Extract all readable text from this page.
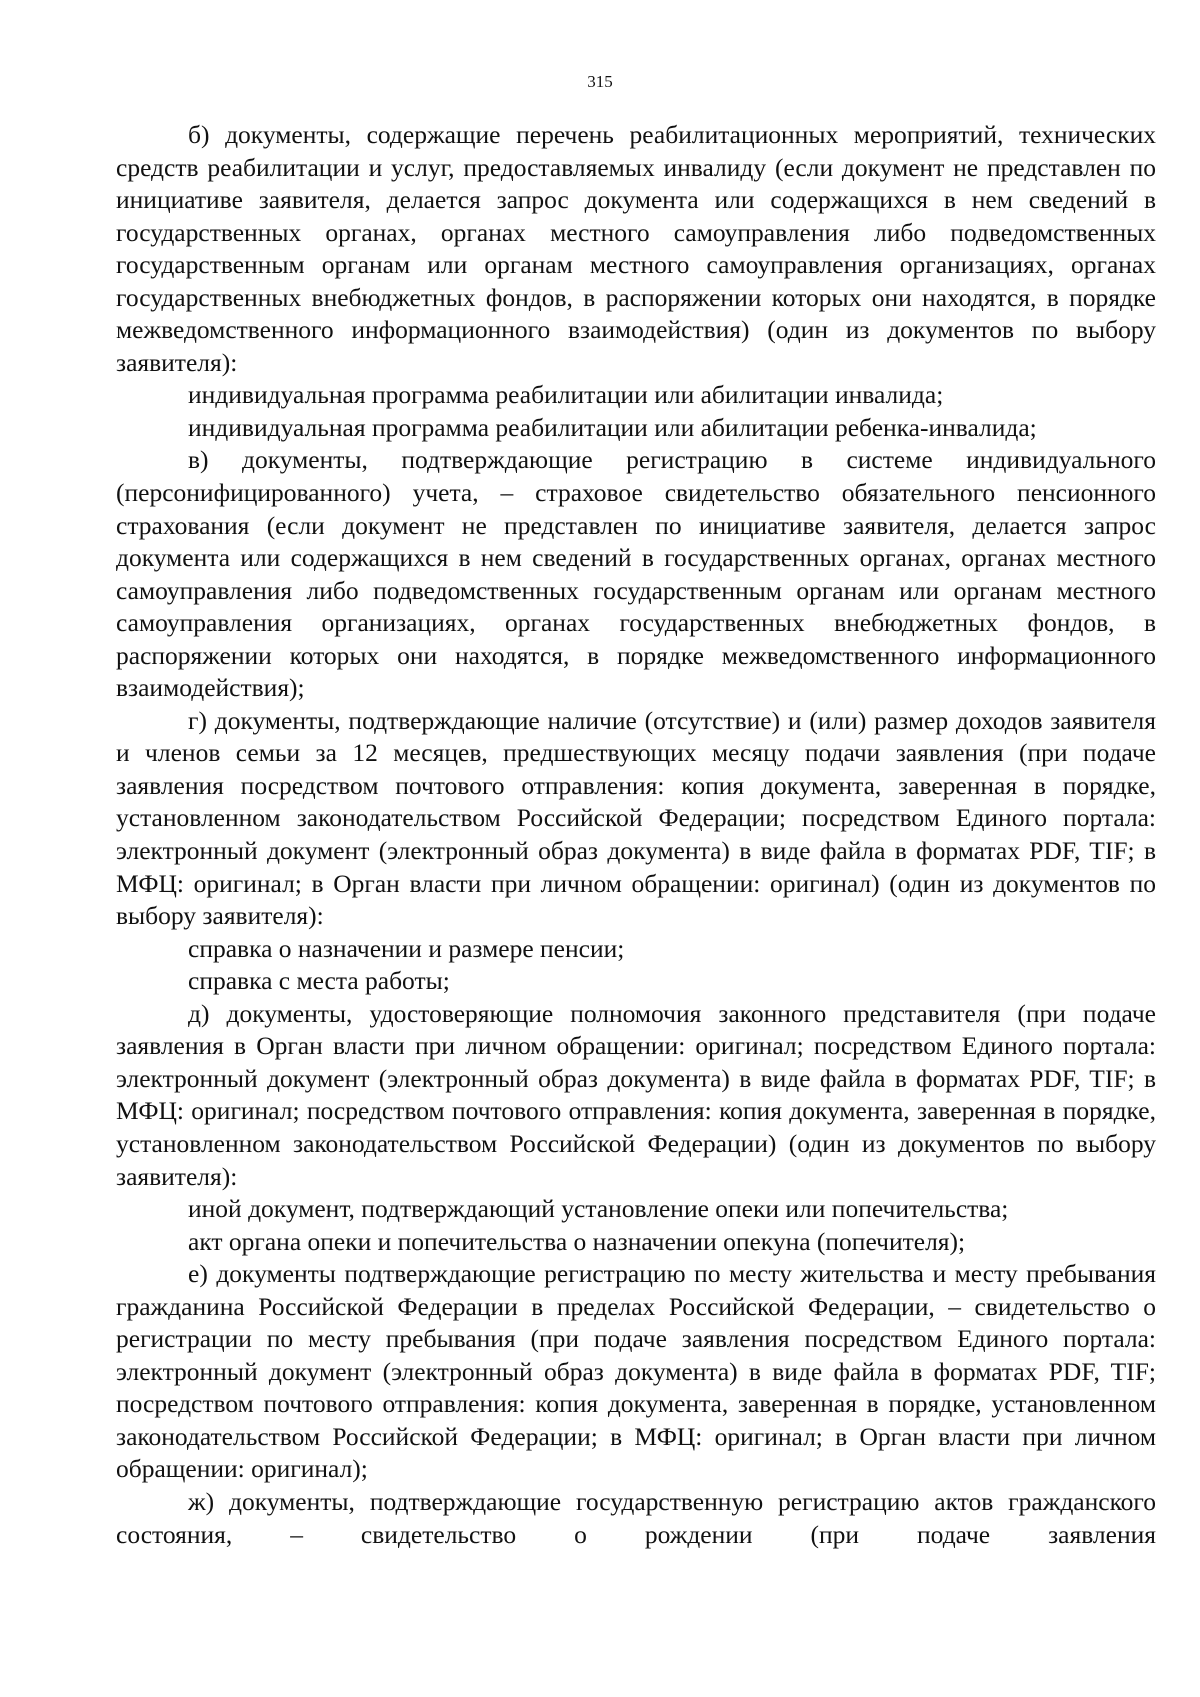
315

б) документы, содержащие перечень реабилитационных мероприятий, технических средств реабилитации и услуг, предоставляемых инвалиду (если документ не представлен по инициативе заявителя, делается запрос документа или содержащихся в нем сведений в государственных органах, органах местного самоуправления либо подведомственных государственным органам или органам местного самоуправления организациях, органах государственных внебюджетных фондов, в распоряжении которых они находятся, в порядке межведомственного информационного взаимодействия) (один из документов по выбору заявителя):

индивидуальная программа реабилитации или абилитации инвалида;

индивидуальная программа реабилитации или абилитации ребенка-инвалида;

в) документы, подтверждающие регистрацию в системе индивидуального (персонифицированного) учета, – страховое свидетельство обязательного пенсионного страхования (если документ не представлен по инициативе заявителя, делается запрос документа или содержащихся в нем сведений в государственных органах, органах местного самоуправления либо подведомственных государственным органам или органам местного самоуправления организациях, органах государственных внебюджетных фондов, в распоряжении которых они находятся, в порядке межведомственного информационного взаимодействия);

г) документы, подтверждающие наличие (отсутствие) и (или) размер доходов заявителя и членов семьи за 12 месяцев, предшествующих месяцу подачи заявления (при подаче заявления посредством почтового отправления: копия документа, заверенная в порядке, установленном законодательством Российской Федерации; посредством Единого портала: электронный документ (электронный образ документа) в виде файла в форматах PDF, TIF; в МФЦ: оригинал; в Орган власти при личном обращении: оригинал) (один из документов по выбору заявителя):

справка о назначении и размере пенсии;

справка с места работы;

д) документы, удостоверяющие полномочия законного представителя (при подаче заявления в Орган власти при личном обращении: оригинал; посредством Единого портала: электронный документ (электронный образ документа) в виде файла в форматах PDF, TIF; в МФЦ: оригинал; посредством почтового отправления: копия документа, заверенная в порядке, установленном законодательством Российской Федерации) (один из документов по выбору заявителя):

иной документ, подтверждающий установление опеки или попечительства;

акт органа опеки и попечительства о назначении опекуна (попечителя);

е) документы подтверждающие регистрацию по месту жительства и месту пребывания гражданина Российской Федерации в пределах Российской Федерации, – свидетельство о регистрации по месту пребывания (при подаче заявления посредством Единого портала: электронный документ (электронный образ документа) в виде файла в форматах PDF, TIF; посредством почтового отправления: копия документа, заверенная в порядке, установленном законодательством Российской Федерации; в МФЦ: оригинал; в Орган власти при личном обращении: оригинал);

ж) документы, подтверждающие государственную регистрацию актов гражданского состояния, – свидетельство о рождении (при подаче заявления
